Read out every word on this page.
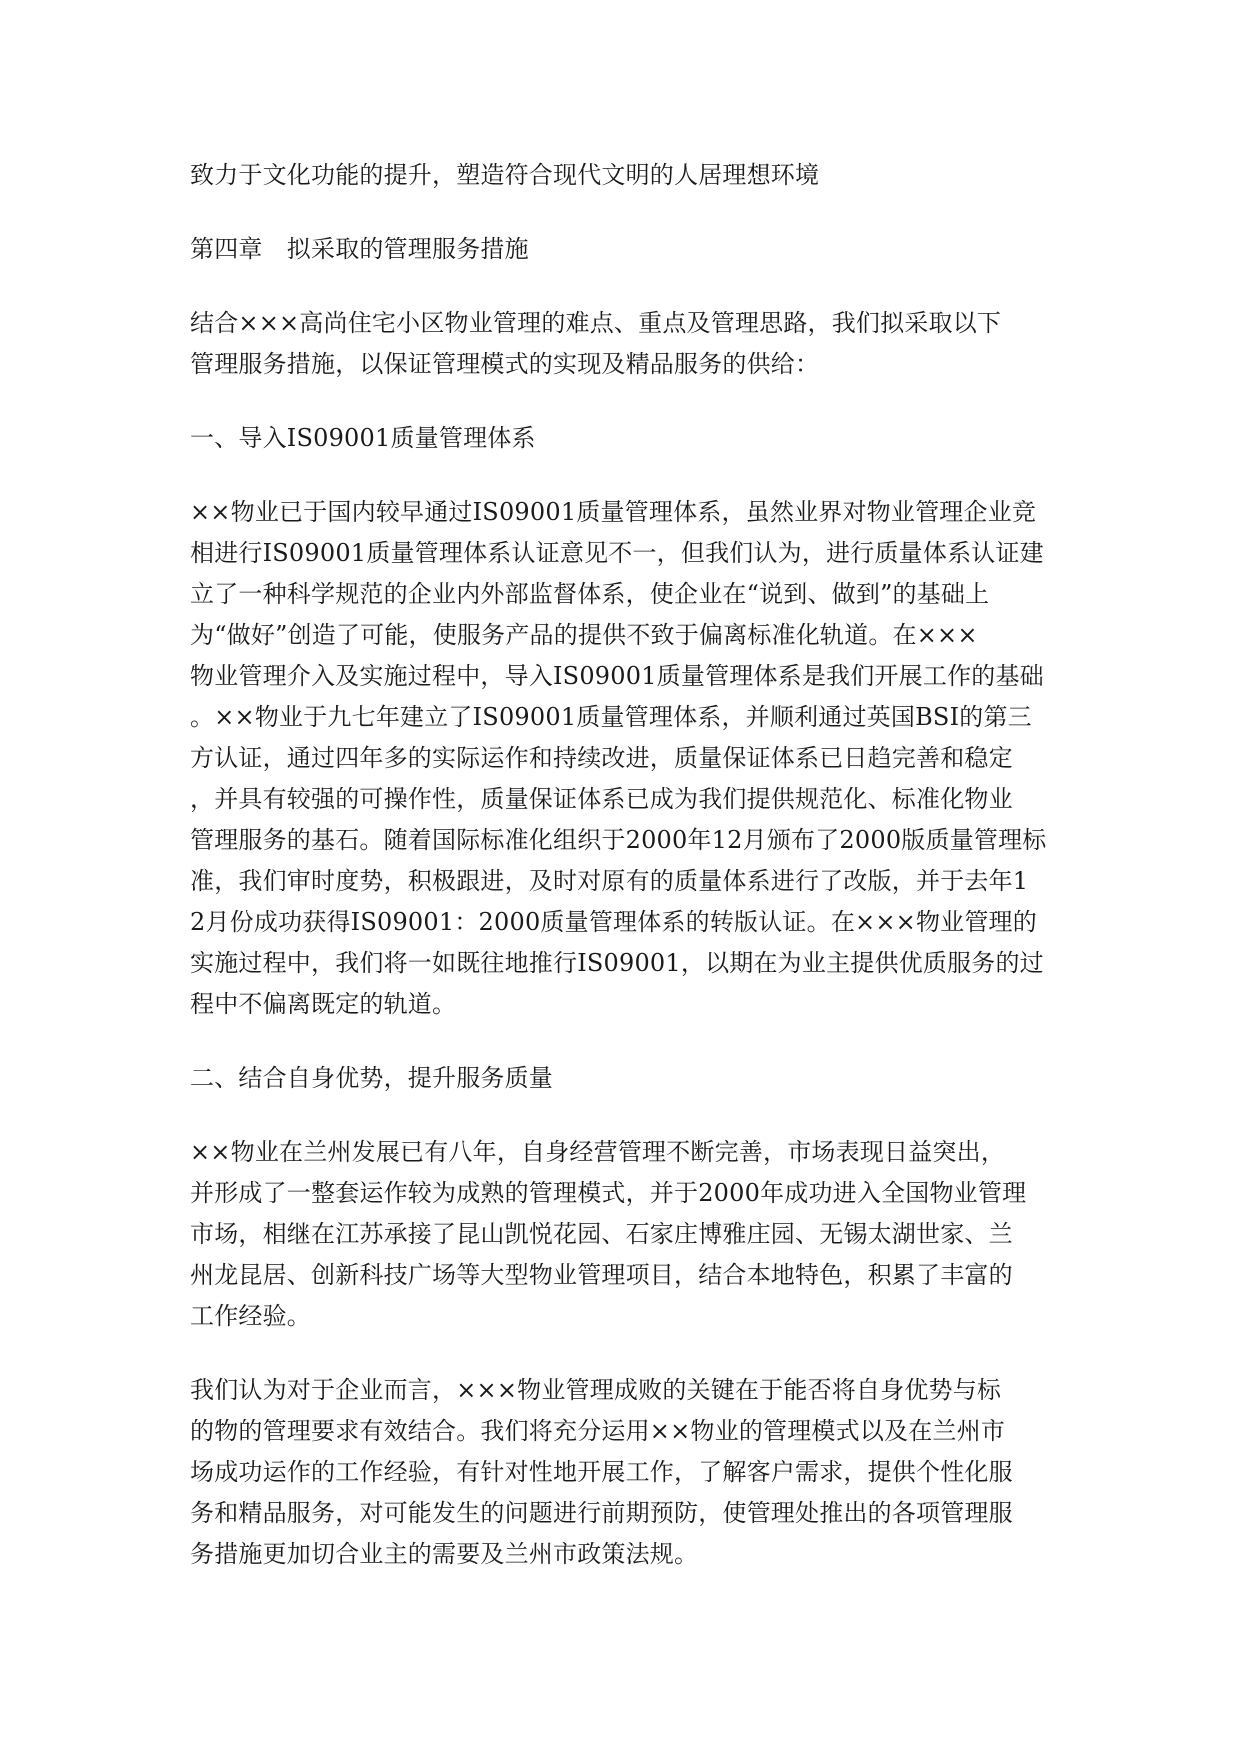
致力于文化功能的提升，塑造符合现代文明的人居理想环境
第四章　拟采取的管理服务措施
结合×××高尚住宅小区物业管理的难点、重点及管理思路，我们拟采取以下
管理服务措施，以保证管理模式的实现及精品服务的供给：
一、导入IS09001质量管理体系
××物业已于国内较早通过IS09001质量管理体系，虽然业界对物业管理企业竞
相进行IS09001质量管理体系认证意见不一，但我们认为，进行质量体系认证建
立了一种科学规范的企业内外部监督体系，使企业在“说到、做到”的基础上
为“做好”创造了可能，使服务产品的提供不致于偏离标准化轨道。在×××
物业管理介入及实施过程中，导入IS09001质量管理体系是我们开展工作的基础
。××物业于九七年建立了IS09001质量管理体系，并顺利通过英国BSI的第三
方认证，通过四年多的实际运作和持续改进，质量保证体系已日趋完善和稳定
，并具有较强的可操作性，质量保证体系已成为我们提供规范化、标准化物业
管理服务的基石。随着国际标准化组织于2000年12月颁布了2000版质量管理标
准，我们审时度势，积极跟进，及时对原有的质量体系进行了改版，并于去年1
2月份成功获得IS09001：2000质量管理体系的转版认证。在×××物业管理的
实施过程中，我们将一如既往地推行IS09001，以期在为业主提供优质服务的过
程中不偏离既定的轨道。
二、结合自身优势，提升服务质量
××物业在兰州发展已有八年，自身经营管理不断完善，市场表现日益突出，
并形成了一整套运作较为成熟的管理模式，并于2000年成功进入全国物业管理
市场，相继在江苏承接了昆山凯悦花园、石家庄博雅庄园、无锡太湖世家、兰
州龙昆居、创新科技广场等大型物业管理项目，结合本地特色，积累了丰富的
工作经验。
我们认为对于企业而言，×××物业管理成败的关键在于能否将自身优势与标
的物的管理要求有效结合。我们将充分运用××物业的管理模式以及在兰州市
场成功运作的工作经验，有针对性地开展工作，了解客户需求，提供个性化服
务和精品服务，对可能发生的问题进行前期预防，使管理处推出的各项管理服
务措施更加切合业主的需要及兰州市政策法规。
